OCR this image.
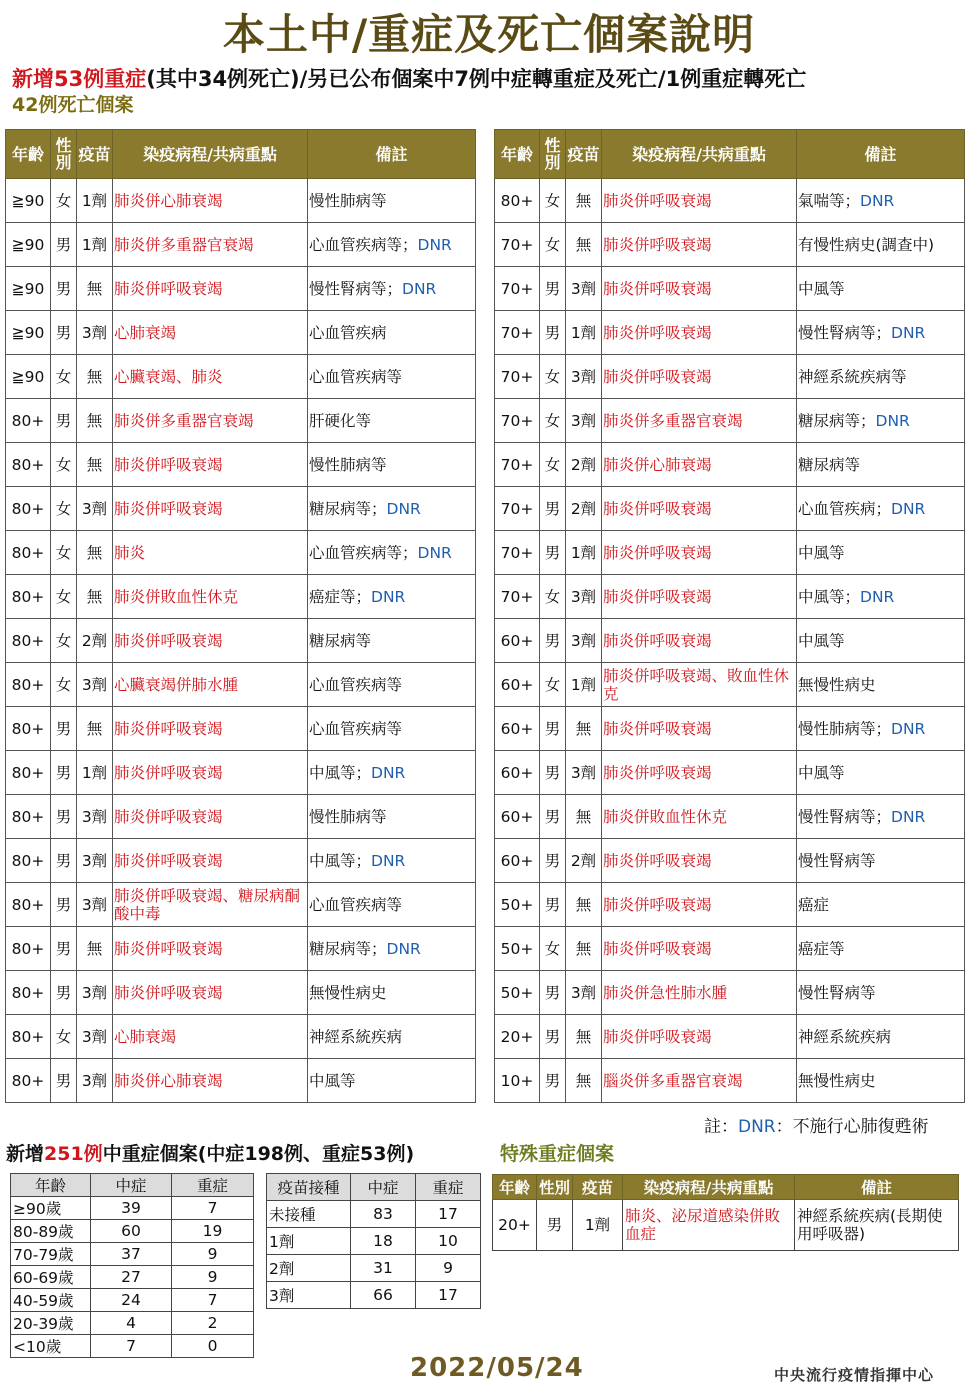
本土中/重症及死亡個案說明
新增53例重症(其中34例死亡)/另已公布個案中7例中症轉重症及死亡/1例重症轉死亡
42例死亡個案
年齡	性別	疫苗	染疫病程/共病重點	備註
≧90	女	1劑	肺炎併心肺衰竭	慢性肺病等
≧90	男	1劑	肺炎併多重器官衰竭	心血管疾病等；DNR
≧90	男	無	肺炎併呼吸衰竭	慢性腎病等；DNR
≧90	男	3劑	心肺衰竭	心血管疾病
≧90	女	無	心臟衰竭、肺炎	心血管疾病等
80+	男	無	肺炎併多重器官衰竭	肝硬化等
80+	女	無	肺炎併呼吸衰竭	慢性肺病等
80+	女	3劑	肺炎併呼吸衰竭	糖尿病等；DNR
80+	女	無	肺炎	心血管疾病等；DNR
80+	女	無	肺炎併敗血性休克	癌症等；DNR
80+	女	2劑	肺炎併呼吸衰竭	糖尿病等
80+	女	3劑	心臟衰竭併肺水腫	心血管疾病等
80+	男	無	肺炎併呼吸衰竭	心血管疾病等
80+	男	1劑	肺炎併呼吸衰竭	中風等；DNR
80+	男	3劑	肺炎併呼吸衰竭	慢性肺病等
80+	男	3劑	肺炎併呼吸衰竭	中風等；DNR
80+	男	3劑	肺炎併呼吸衰竭、糖尿病酮酸中毒	心血管疾病等
80+	男	無	肺炎併呼吸衰竭	糖尿病等；DNR
80+	男	3劑	肺炎併呼吸衰竭	無慢性病史
80+	女	3劑	心肺衰竭	神經系統疾病
80+	男	3劑	肺炎併心肺衰竭	中風等
年齡	性別	疫苗	染疫病程/共病重點	備註
80+	女	無	肺炎併呼吸衰竭	氣喘等；DNR
70+	女	無	肺炎併呼吸衰竭	有慢性病史(調查中)
70+	男	3劑	肺炎併呼吸衰竭	中風等
70+	男	1劑	肺炎併呼吸衰竭	慢性腎病等；DNR
70+	女	3劑	肺炎併呼吸衰竭	神經系統疾病等
70+	女	3劑	肺炎併多重器官衰竭	糖尿病等；DNR
70+	女	2劑	肺炎併心肺衰竭	糖尿病等
70+	男	2劑	肺炎併呼吸衰竭	心血管疾病；DNR
70+	男	1劑	肺炎併呼吸衰竭	中風等
70+	女	3劑	肺炎併呼吸衰竭	中風等；DNR
60+	男	3劑	肺炎併呼吸衰竭	中風等
60+	女	1劑	肺炎併呼吸衰竭、敗血性休克	無慢性病史
60+	男	無	肺炎併呼吸衰竭	慢性肺病等；DNR
60+	男	3劑	肺炎併呼吸衰竭	中風等
60+	男	無	肺炎併敗血性休克	慢性腎病等；DNR
60+	男	2劑	肺炎併呼吸衰竭	慢性腎病等
50+	男	無	肺炎併呼吸衰竭	癌症
50+	女	無	肺炎併呼吸衰竭	癌症等
50+	男	3劑	肺炎併急性肺水腫	慢性腎病等
20+	男	無	肺炎併呼吸衰竭	神經系統疾病
10+	男	無	腦炎併多重器官衰竭	無慢性病史
註：DNR：不施行心肺復甦術
新增251例中重症個案(中症198例、重症53例)	特殊重症個案
年齡	中症	重症
≥90歲	39	7
80-89歲	60	19
70-79歲	37	9
60-69歲	27	9
40-59歲	24	7
20-39歲	4	2
<10歲	7	0
疫苗接種	中症	重症
未接種	83	17
1劑	18	10
2劑	31	9
3劑	66	17
年齡	性別	疫苗	染疫病程/共病重點	備註
20+	男	1劑	肺炎、泌尿道感染併敗血症	神經系統疾病(長期使用呼吸器)
2022/05/24	中央流行疫情指揮中心
